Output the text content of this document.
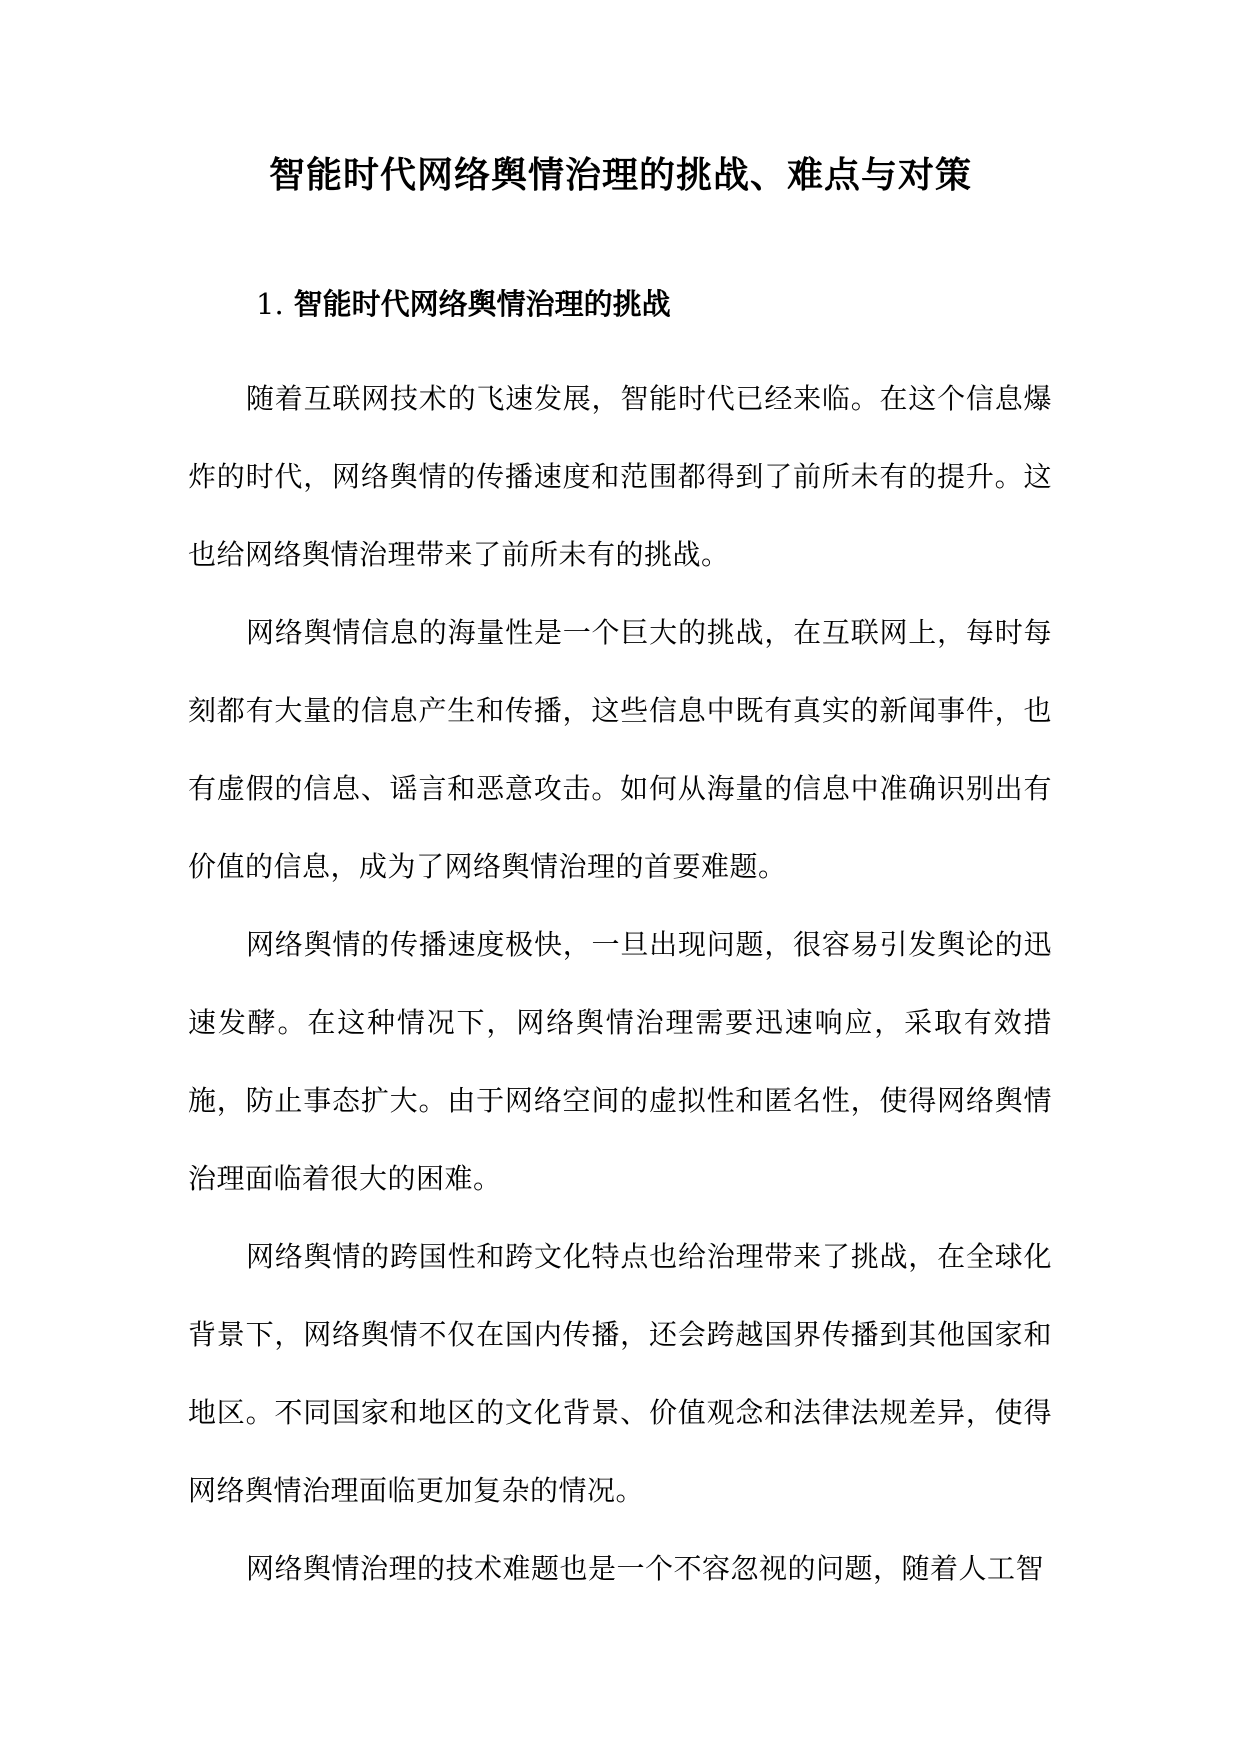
智能时代网络舆情治理的挑战、难点与对策
1. 智能时代网络舆情治理的挑战

随着互联网技术的飞速发展，智能时代已经来临。在这个信息爆炸的时代，网络舆情的传播速度和范围都得到了前所未有的提升。这也给网络舆情治理带来了前所未有的挑战。

网络舆情信息的海量性是一个巨大的挑战，在互联网上，每时每刻都有大量的信息产生和传播，这些信息中既有真实的新闻事件，也有虚假的信息、谣言和恶意攻击。如何从海量的信息中准确识别出有价值的信息，成为了网络舆情治理的首要难题。

网络舆情的传播速度极快，一旦出现问题，很容易引发舆论的迅速发酵。在这种情况下，网络舆情治理需要迅速响应，采取有效措施，防止事态扩大。由于网络空间的虚拟性和匿名性，使得网络舆情治理面临着很大的困难。

网络舆情的跨国性和跨文化特点也给治理带来了挑战，在全球化背景下，网络舆情不仅在国内传播，还会跨越国界传播到其他国家和地区。不同国家和地区的文化背景、价值观念和法律法规差异，使得网络舆情治理面临更加复杂的情况。

网络舆情治理的技术难题也是一个不容忽视的问题，随着人工智
